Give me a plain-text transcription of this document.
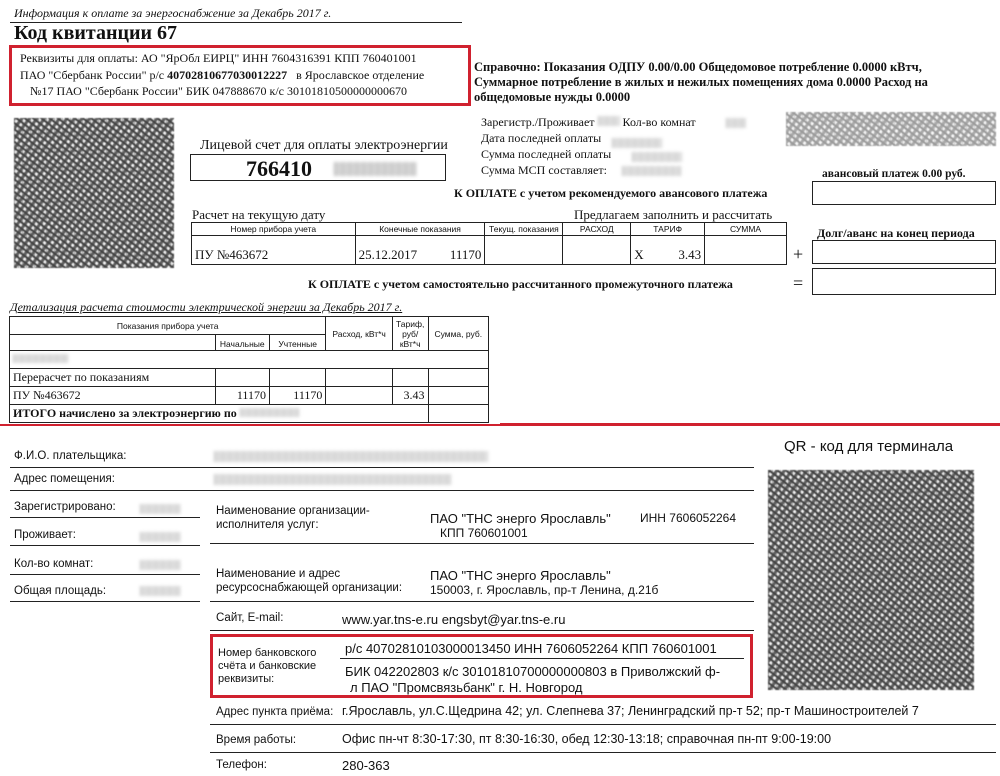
Информация к оплате за энергоснабжение за Декабрь 2017 г.
Код квитанции 67
Реквизиты для оплаты: АО "ЯрОбл ЕИРЦ" ИНН 7604316391 КПП 760401001
ПАО "Сбербанк России" р/с 40702810677030012227 в Ярославское отделение
№17 ПАО "Сбербанк России" БИК 047888670 к/с 30101810500000000670
Справочно: Показания ОДПУ 0.00/0.00 Общедомовое потребление 0.0000 кВтч,
Суммарное потребление в жилых и нежилых помещениях дома 0.0000 Расход на
общедомовые нужды 0.0000
Зарегистр./Проживает Кол-во комнат
Дата последней оплаты
Сумма последней оплаты
Сумма МСП составляет:
Лицевой счет для оплаты электроэнергии
766410	авансовый платеж 0.00 руб.
К ОПЛАТЕ с учетом рекомендуемого авансового платежа
Расчет на текущую дату	Предлагаем заполнить и рассчитать
Номер прибора учета	Конечные показания	Текущ. показания	РАСХОД	ТАРИФ	СУММА
ПУ №463672	25.12.2017 11170			X 3.43	
		+
Долг/аванс на конец периода
К ОПЛАТЕ с учетом самостоятельно рассчитанного промежуточного платежа	=
Детализация расчета стоимости электрической энергии за Декабрь 2017 г.
Показания прибора учета			Расход, кВт*ч	Тариф, руб/ кВт*ч	Сумма, руб.
	Начальные	Учтенные			

Перерасчет по показаниям					
ПУ №463672	11170	11170		3.43	
ИТОГО начислено за электроэнергию по					
QR - код для терминала
Ф.И.О. плательщика:
Адрес помещения:
Зарегистрировано:
Проживает:
Кол-во комнат:
Общая площадь:
Наименование организации-
исполнителя услуг:	ПАО "ТНС энерго Ярославль" ИНН 7606052264
КПП 760601001
Наименование и адрес
ресурсоснабжающей организации:
ПАО "ТНС энерго Ярославль"
150003, г. Ярославль, пр-т Ленина, д.21б
Сайт, E-mail:	www.yar.tns-e.ru engsbyt@yar.tns-e.ru
Номер банковского
счёта и банковские
реквизиты:
р/с 40702810103000013450 ИНН 7606052264 КПП 760601001
БИК 042202803 к/с 30101810700000000803 в Приволжский ф-
л ПАО "Промсвязьбанк" г. Н. Новгород
Адрес пункта приёма: г.Ярославль, ул.С.Щедрина 42; ул. Слепнева 37; Ленинградский пр-т 52; пр-т Машиностроителей 7
Время работы:	Офис пн-чт 8:30-17:30, пт 8:30-16:30, обед 12:30-13:18; справочная пн-пт 9:00-19:00
Телефон:	280-363
